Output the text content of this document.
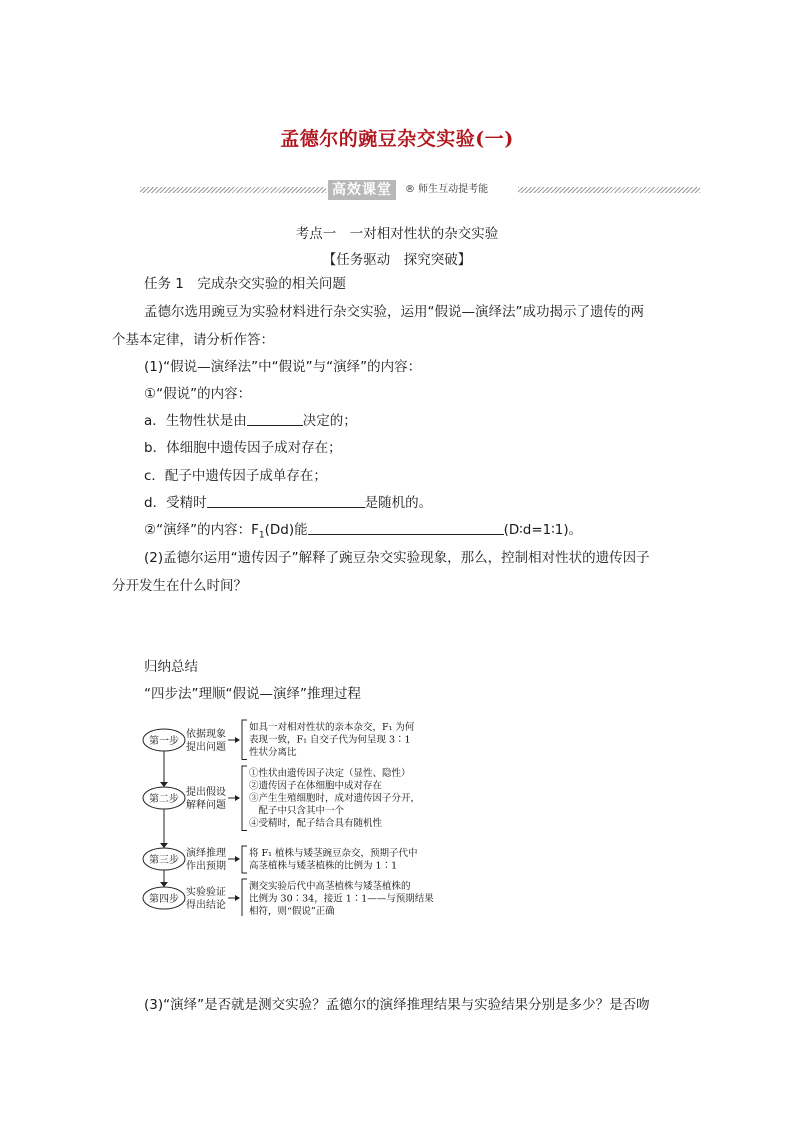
孟德尔的豌豆杂交实验(一)
高效课堂	® 师生互动提考能
考点一　一对相对性状的杂交实验
【任务驱动　探究突破】
任务 1　完成杂交实验的相关问题
孟德尔选用豌豆为实验材料进行杂交实验，运用“假说—演绎法”成功揭示了遗传的两
个基本定律，请分析作答：
(1)“假说—演绎法”中“假说”与“演绎”的内容：
①“假说”的内容：
a．生物性状是由	决定的；
b．体细胞中遗传因子成对存在；
c．配子中遗传因子成单存在；
d．受精时	是随机的。
②“演绎”的内容：$F_1(Dd)$能	(D∶d=1∶1)。
(2)孟德尔运用“遗传因子”解释了豌豆杂交实验现象，那么，控制相对性状的遗传因子
分开发生在什么时间？
归纳总结
“四步法”理顺“假说—演绎”推理过程
第一步
依据现象
提出问题
如具一对相对性状的亲本杂交，F₁ 为何
表现一致，F₁ 自交子代为何呈现 3∶1
性状分离比
第二步
提出假设
解释问题
①性状由遗传因子决定（显性、隐性）
②遗传因子在体细胞中成对存在
③产生生殖细胞时，成对遗传因子分开，
　配子中只含其中一个
④受精时，配子结合具有随机性
第三步
演绎推理
作出预期
将 F₁ 植株与矮茎豌豆杂交，预期子代中
高茎植株与矮茎植株的比例为 1∶1
第四步
实验验证
得出结论
测交实验后代中高茎植株与矮茎植株的
比例为 30∶34，接近 1∶1——与预期结果
相符，则“假说”正确
(3)“演绎”是否就是测交实验？孟德尔的演绎推理结果与实验结果分别是多少？是否吻
